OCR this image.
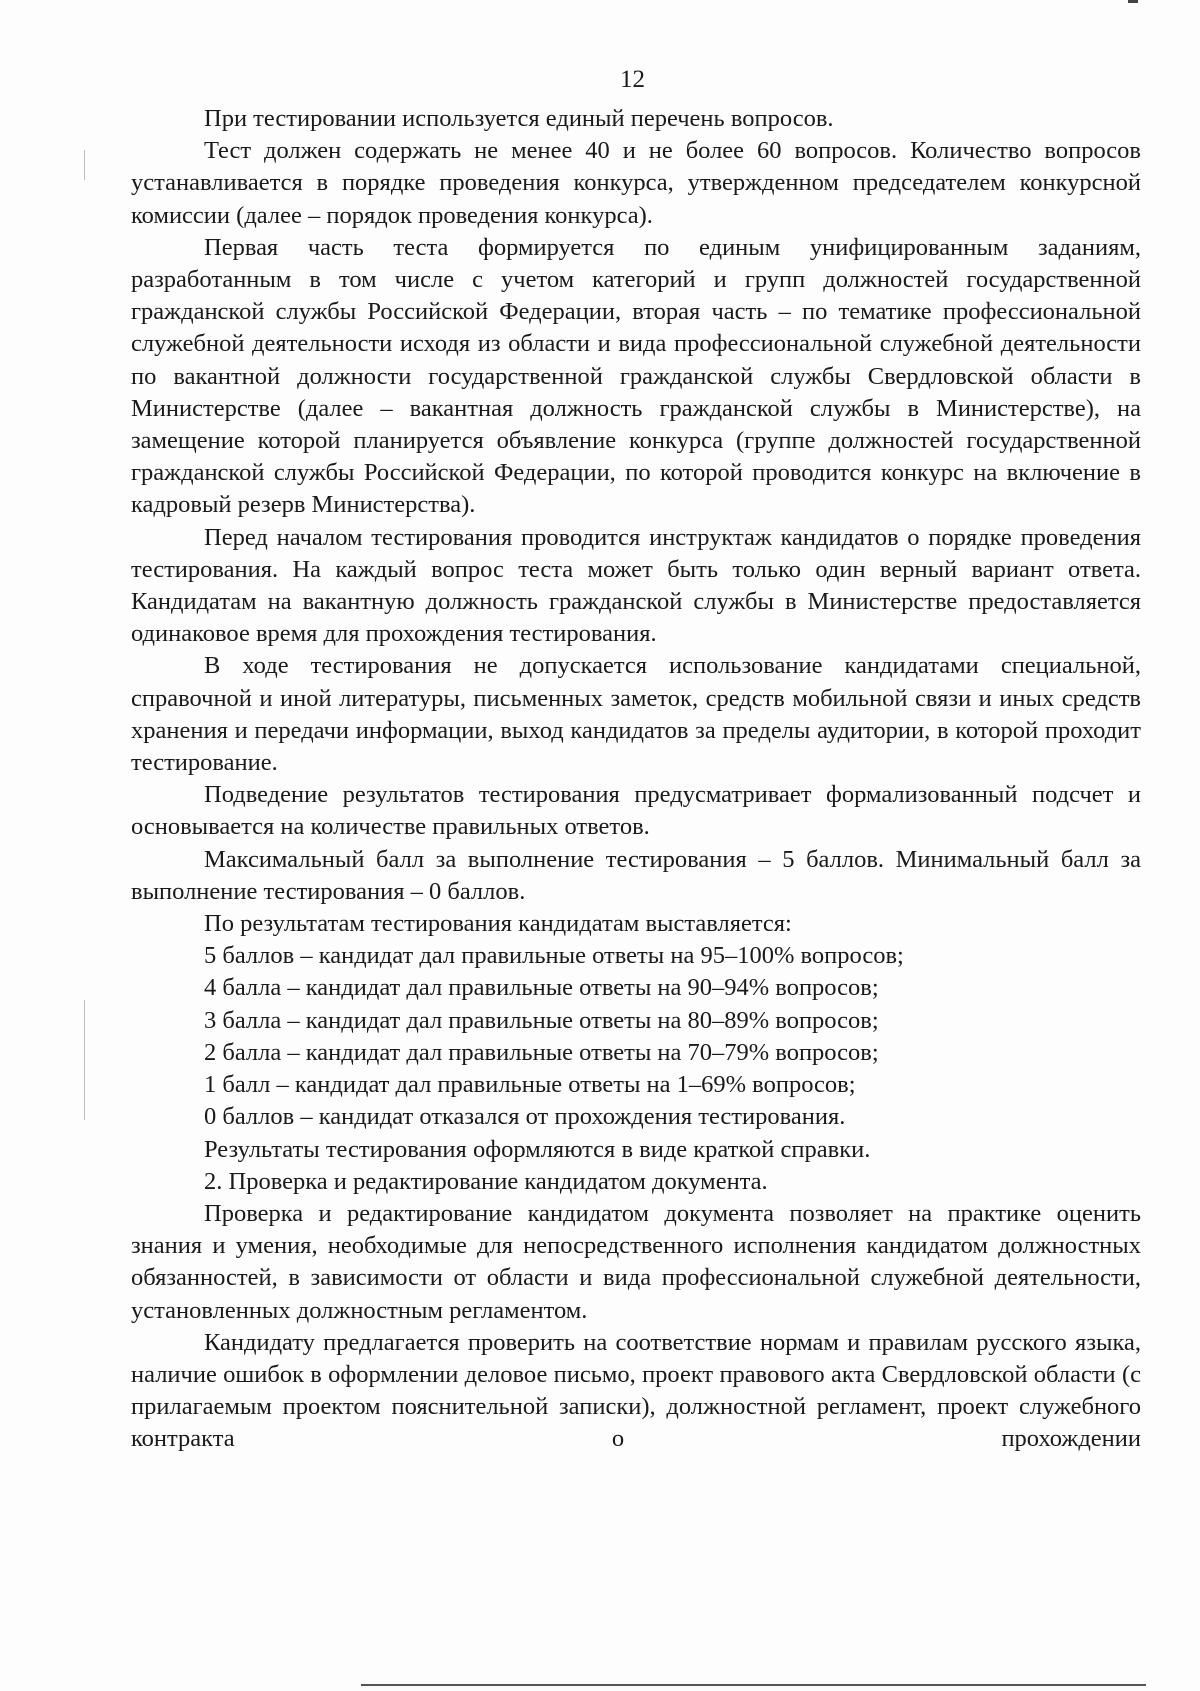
12

При тестировании используется единый перечень вопросов.

Тест должен содержать не менее 40 и не более 60 вопросов. Количество вопросов устанавливается в порядке проведения конкурса, утвержденном председателем конкурсной комиссии (далее – порядок проведения конкурса).

Первая часть теста формируется по единым унифицированным заданиям, разработанным в том числе с учетом категорий и групп должностей государственной гражданской службы Российской Федерации, вторая часть – по тематике профессиональной служебной деятельности исходя из области и вида профессиональной служебной деятельности по вакантной должности государственной гражданской службы Свердловской области в Министерстве (далее – вакантная должность гражданской службы в Министерстве), на замещение которой планируется объявление конкурса (группе должностей государственной гражданской службы Российской Федерации, по которой проводится конкурс на включение в кадровый резерв Министерства).

Перед началом тестирования проводится инструктаж кандидатов о порядке проведения тестирования. На каждый вопрос теста может быть только один верный вариант ответа. Кандидатам на вакантную должность гражданской службы в Министерстве предоставляется одинаковое время для прохождения тестирования.

В ходе тестирования не допускается использование кандидатами специальной, справочной и иной литературы, письменных заметок, средств мобильной связи и иных средств хранения и передачи информации, выход кандидатов за пределы аудитории, в которой проходит тестирование.

Подведение результатов тестирования предусматривает формализованный подсчет и основывается на количестве правильных ответов.

Максимальный балл за выполнение тестирования – 5 баллов. Минимальный балл за выполнение тестирования – 0 баллов.

По результатам тестирования кандидатам выставляется:

5 баллов – кандидат дал правильные ответы на 95–100% вопросов;

4 балла – кандидат дал правильные ответы на 90–94% вопросов;

3 балла – кандидат дал правильные ответы на 80–89% вопросов;

2 балла – кандидат дал правильные ответы на 70–79% вопросов;

1 балл – кандидат дал правильные ответы на 1–69% вопросов;

0 баллов – кандидат отказался от прохождения тестирования.

Результаты тестирования оформляются в виде краткой справки.

2. Проверка и редактирование кандидатом документа.

Проверка и редактирование кандидатом документа позволяет на практике оценить знания и умения, необходимые для непосредственного исполнения кандидатом должностных обязанностей, в зависимости от области и вида профессиональной служебной деятельности, установленных должностным регламентом.

Кандидату предлагается проверить на соответствие нормам и правилам русского языка, наличие ошибок в оформлении деловое письмо, проект правового акта Свердловской области (с прилагаемым проектом пояснительной записки), должностной регламент, проект служебного контракта о прохождении
